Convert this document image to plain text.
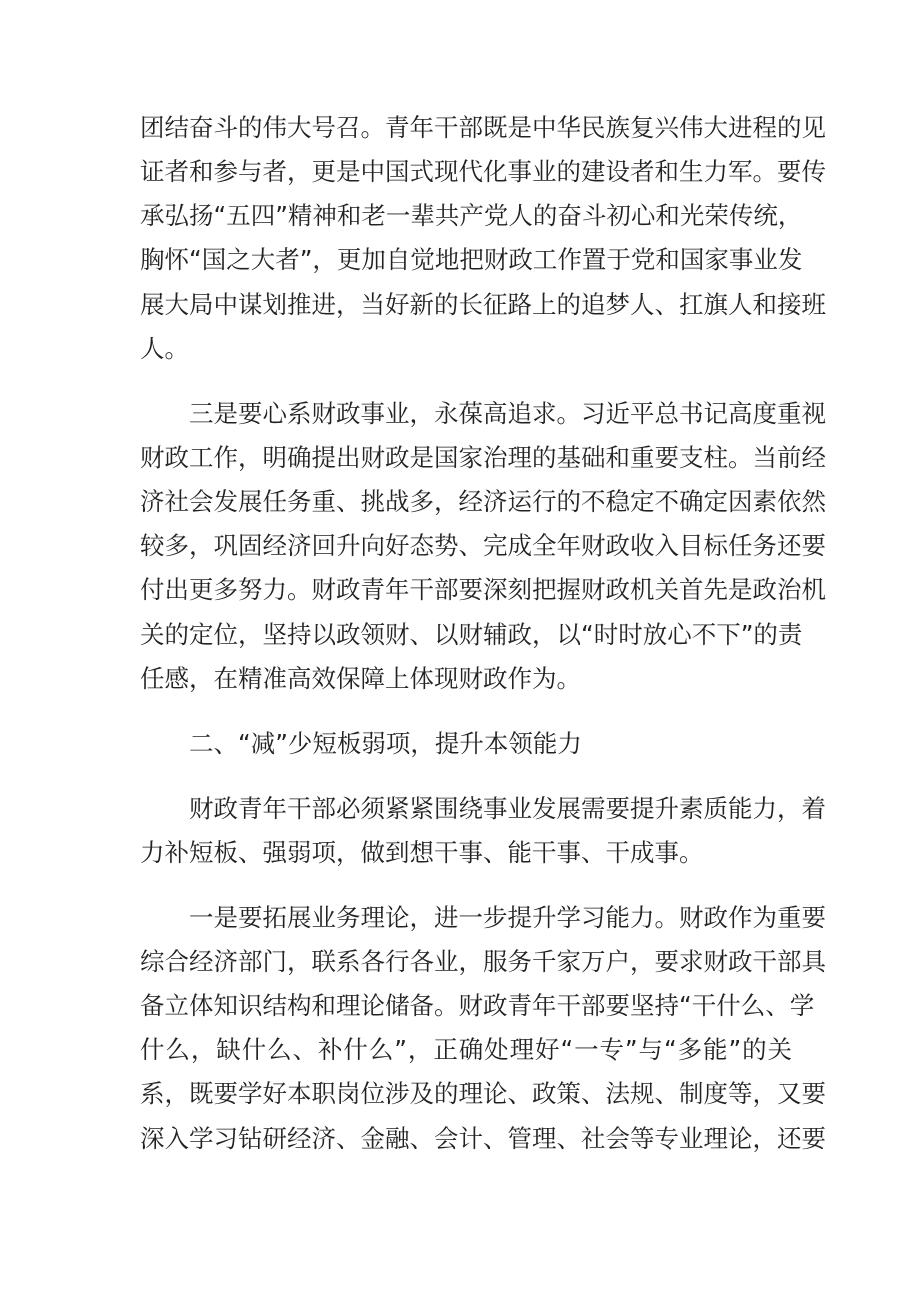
团结奋斗的伟大号召。青年干部既是中华民族复兴伟大进程的见
证者和参与者，更是中国式现代化事业的建设者和生力军。要传
承弘扬“五四”精神和老一辈共产党人的奋斗初心和光荣传统，
胸怀“国之大者”，更加自觉地把财政工作置于党和国家事业发
展大局中谋划推进，当好新的长征路上的追梦人、扛旗人和接班
人。
三是要心系财政事业，永葆高追求。习近平总书记高度重视
财政工作，明确提出财政是国家治理的基础和重要支柱。当前经
济社会发展任务重、挑战多，经济运行的不稳定不确定因素依然
较多，巩固经济回升向好态势、完成全年财政收入目标任务还要
付出更多努力。财政青年干部要深刻把握财政机关首先是政治机
关的定位，坚持以政领财、以财辅政，以“时时放心不下”的责
任感，在精准高效保障上体现财政作为。
二、“减”少短板弱项，提升本领能力
财政青年干部必须紧紧围绕事业发展需要提升素质能力，着
力补短板、强弱项，做到想干事、能干事、干成事。
一是要拓展业务理论，进一步提升学习能力。财政作为重要
综合经济部门，联系各行各业，服务千家万户，要求财政干部具
备立体知识结构和理论储备。财政青年干部要坚持“干什么、学
什么，缺什么、补什么”，正确处理好“一专”与“多能”的关
系，既要学好本职岗位涉及的理论、政策、法规、制度等，又要
深入学习钻研经济、金融、会计、管理、社会等专业理论，还要
